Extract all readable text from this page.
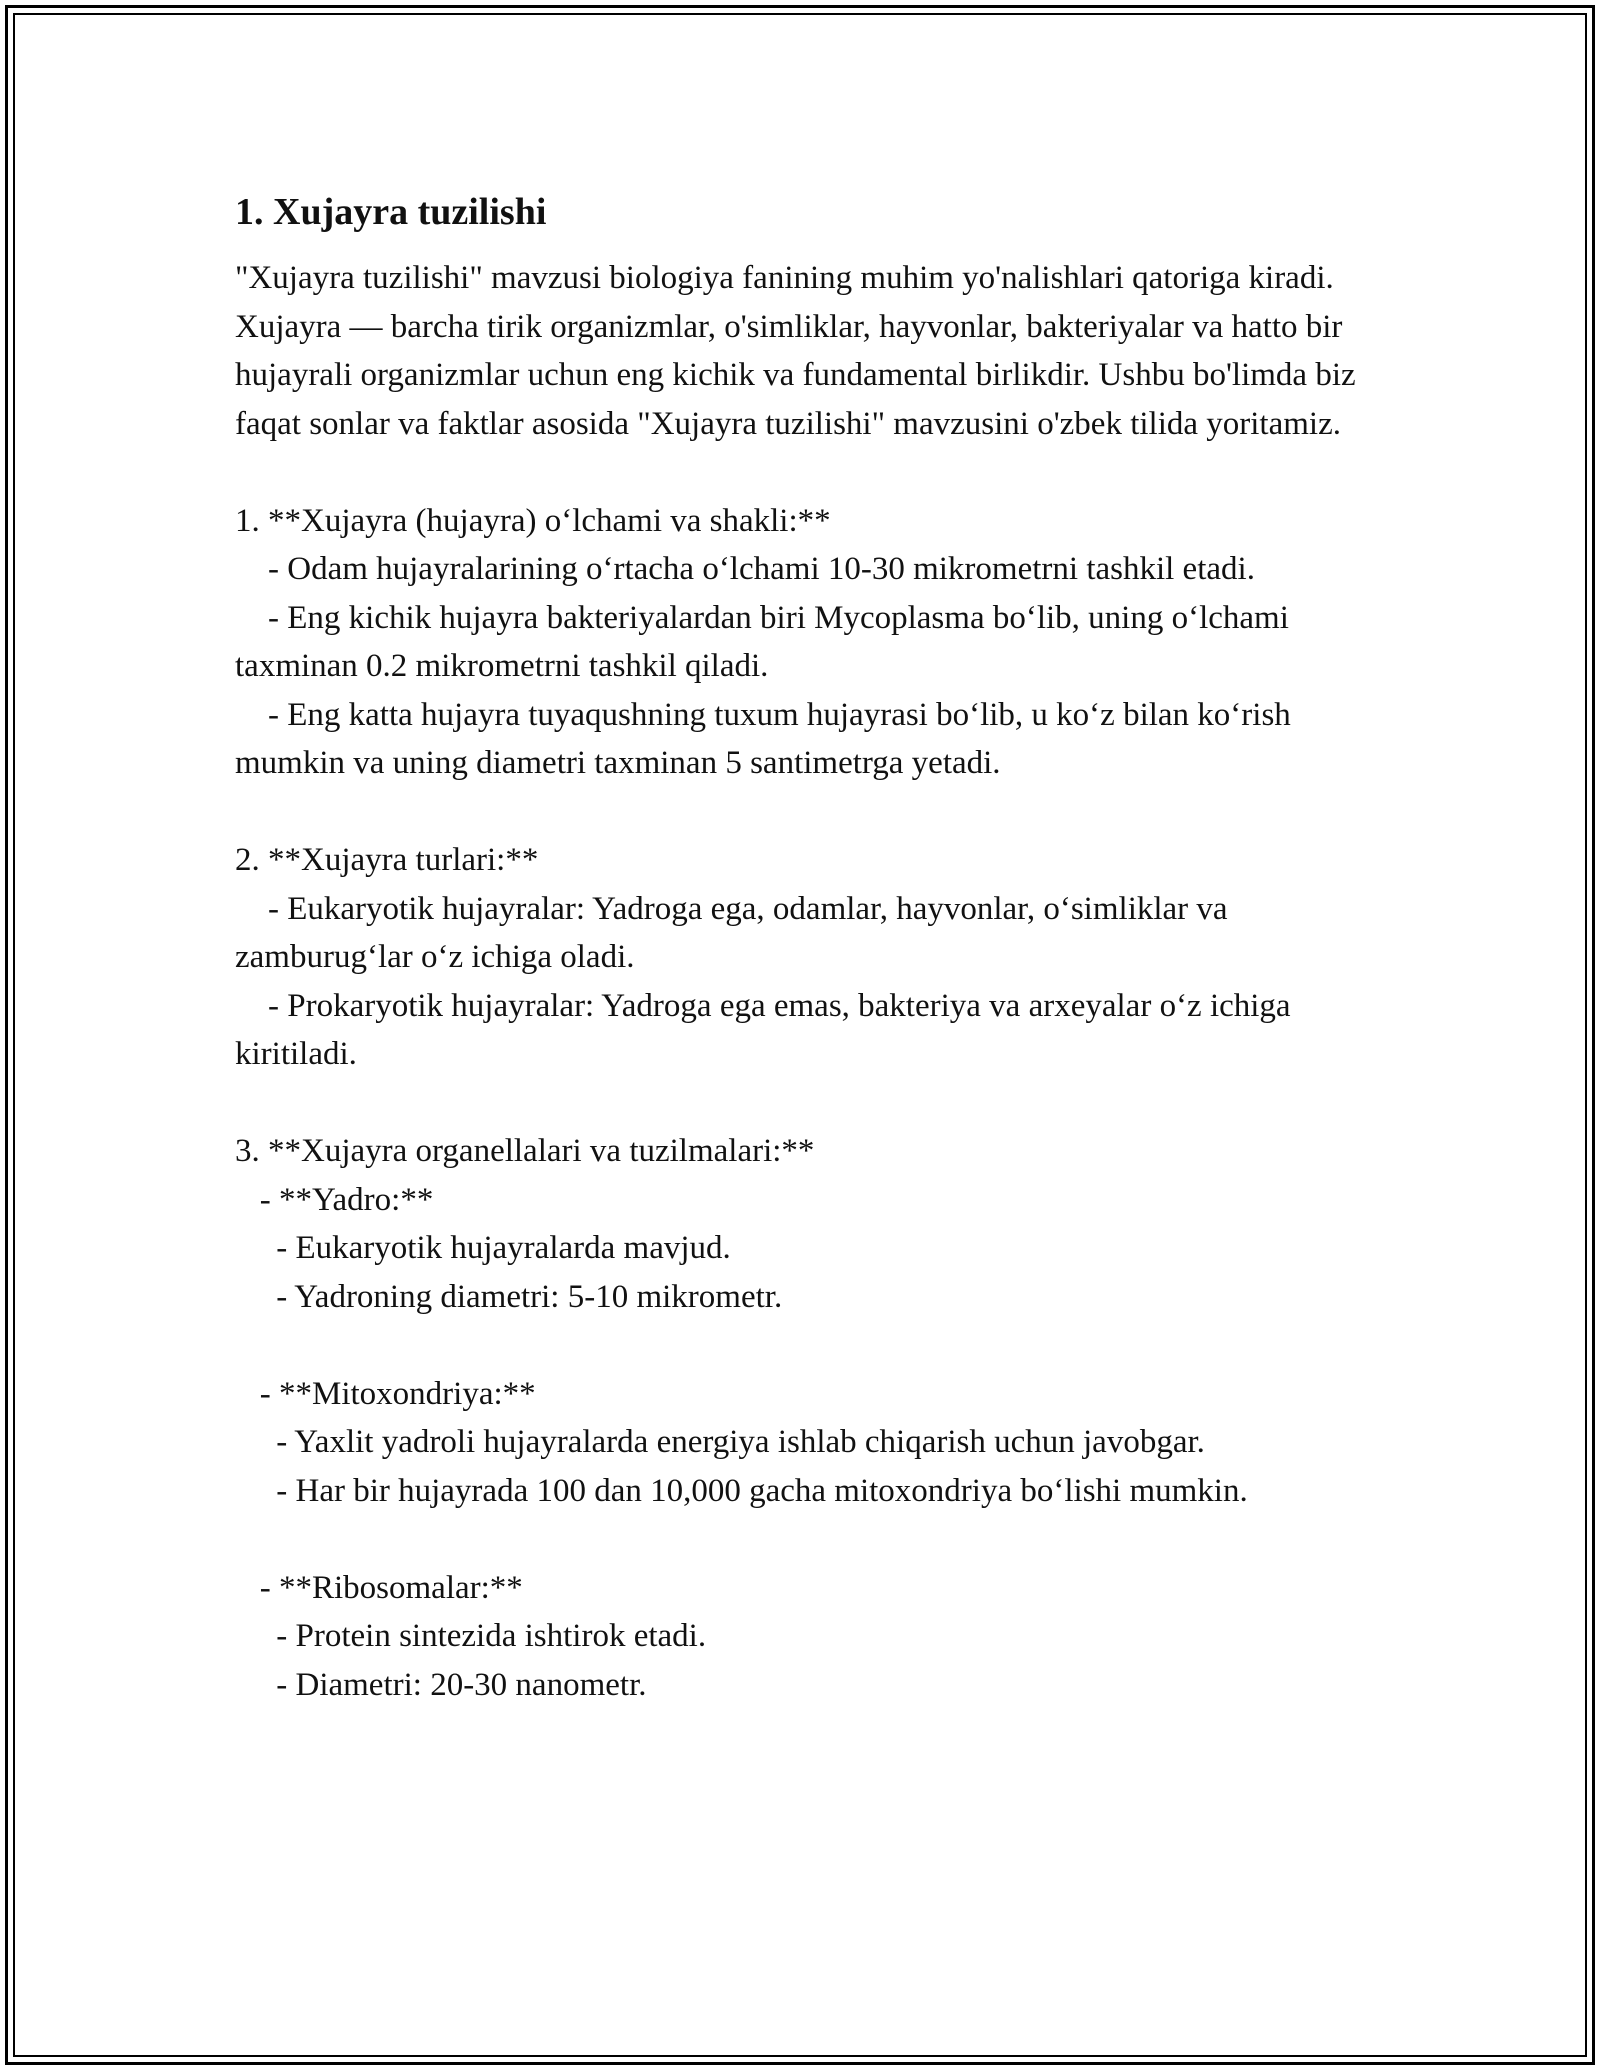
1. Xujayra tuzilishi

"Xujayra tuzilishi" mavzusi biologiya fanining muhim yo'nalishlari qatoriga kiradi. Xujayra — barcha tirik organizmlar, o'simliklar, hayvonlar, bakteriyalar va hatto bir hujayrali organizmlar uchun eng kichik va fundamental birlikdir. Ushbu bo'limda biz faqat sonlar va faktlar asosida "Xujayra tuzilishi" mavzusini o'zbek tilida yoritamiz.

1. **Xujayra (hujayra) oʻlchami va shakli:**
- Odam hujayralarining oʻrtacha oʻlchami 10-30 mikrometrni tashkil etadi.
- Eng kichik hujayra bakteriyalardan biri Mycoplasma boʻlib, uning oʻlchami taxminan 0.2 mikrometrni tashkil qiladi.
- Eng katta hujayra tuyaqushning tuxum hujayrasi boʻlib, u koʻz bilan koʻrish mumkin va uning diametri taxminan 5 santimetrga yetadi.

2. **Xujayra turlari:**
- Eukaryotik hujayralar: Yadroga ega, odamlar, hayvonlar, oʻsimliklar va zamburugʻlar oʻz ichiga oladi.
- Prokaryotik hujayralar: Yadroga ega emas, bakteriya va arxeyalar oʻz ichiga kiritiladi.

3. **Xujayra organellalari va tuzilmalari:**
- **Yadro:**
- Eukaryotik hujayralarda mavjud.
- Yadroning diametri: 5-10 mikrometr.

- **Mitoxondriya:**
- Yaxlit yadroli hujayralarda energiya ishlab chiqarish uchun javobgar.
- Har bir hujayrada 100 dan 10,000 gacha mitoxondriya boʻlishi mumkin.

- **Ribosomalar:**
- Protein sintezida ishtirok etadi.
- Diametri: 20-30 nanometr.
